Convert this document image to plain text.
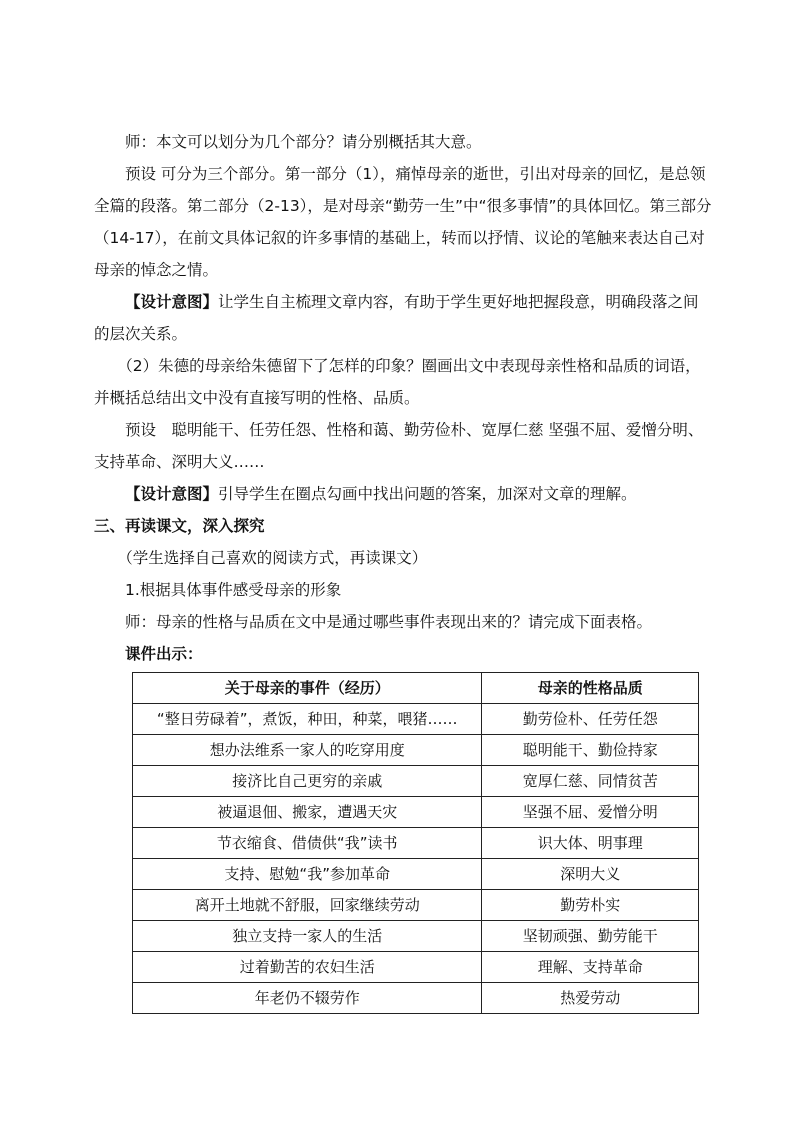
师：本文可以划分为几个部分？请分别概括其大意。

预设 可分为三个部分。第一部分（1），痛悼母亲的逝世，引出对母亲的回忆，是总领全篇的段落。第二部分（2-13），是对母亲“勤劳一生”中“很多事情”的具体回忆。第三部分（14-17），在前文具体记叙的许多事情的基础上，转而以抒情、议论的笔触来表达自己对母亲的悼念之情。

【设计意图】让学生自主梳理文章内容，有助于学生更好地把握段意，明确段落之间的层次关系。

（2）朱德的母亲给朱德留下了怎样的印象？圈画出文中表现母亲性格和品质的词语，并概括总结出文中没有直接写明的性格、品质。

预设　聪明能干、任劳任怨、性格和蔼、勤劳俭朴、宽厚仁慈 坚强不屈、爱憎分明、支持革命、深明大义……

【设计意图】引导学生在圈点勾画中找出问题的答案，加深对文章的理解。

三、再读课文，深入探究

（学生选择自己喜欢的阅读方式，再读课文）

1.根据具体事件感受母亲的形象

师：母亲的性格与品质在文中是通过哪些事件表现出来的？请完成下面表格。

课件出示：

关于母亲的事件（经历）	母亲的性格品质
“整日劳碌着”，煮饭，种田，种菜，喂猪……	勤劳俭朴、任劳任怨
想办法维系一家人的吃穿用度	聪明能干、勤俭持家
接济比自己更穷的亲戚	宽厚仁慈、同情贫苦
被逼退佃、搬家，遭遇天灾	坚强不屈、爱憎分明
节衣缩食、借债供“我”读书	识大体、明事理
支持、慰勉“我”参加革命	深明大义
离开土地就不舒服，回家继续劳动	勤劳朴实
独立支持一家人的生活	坚韧顽强、勤劳能干
过着勤苦的农妇生活	理解、支持革命
年老仍不辍劳作	热爱劳动
